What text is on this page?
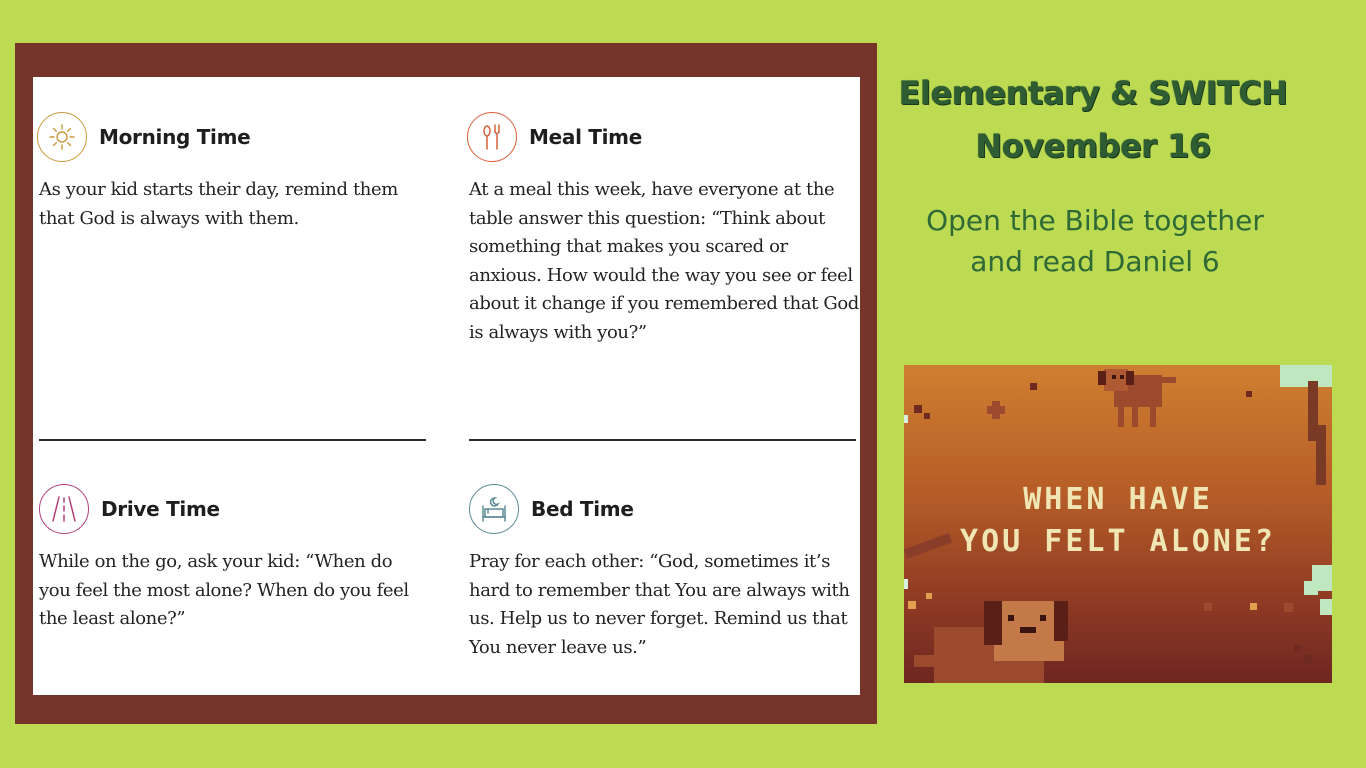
Morning Time

As your kid starts their day, remind them
that God is always with them.

Meal Time

At a meal this week, have everyone at the
table answer this question: “Think about
something that makes you scared or
anxious. How would the way you see or feel
about it change if you remembered that God
is always with you?”

Drive Time

While on the go, ask your kid: “When do
you feel the most alone? When do you feel
the least alone?”

Bed Time

Pray for each other: “God, sometimes it’s
hard to remember that You are always with
us. Help us to never forget. Remind us that
You never leave us.”

Elementary & SWITCH
November 16
Open the Bible together
and read Daniel 6
WHEN HAVE
YOU FELT ALONE?
